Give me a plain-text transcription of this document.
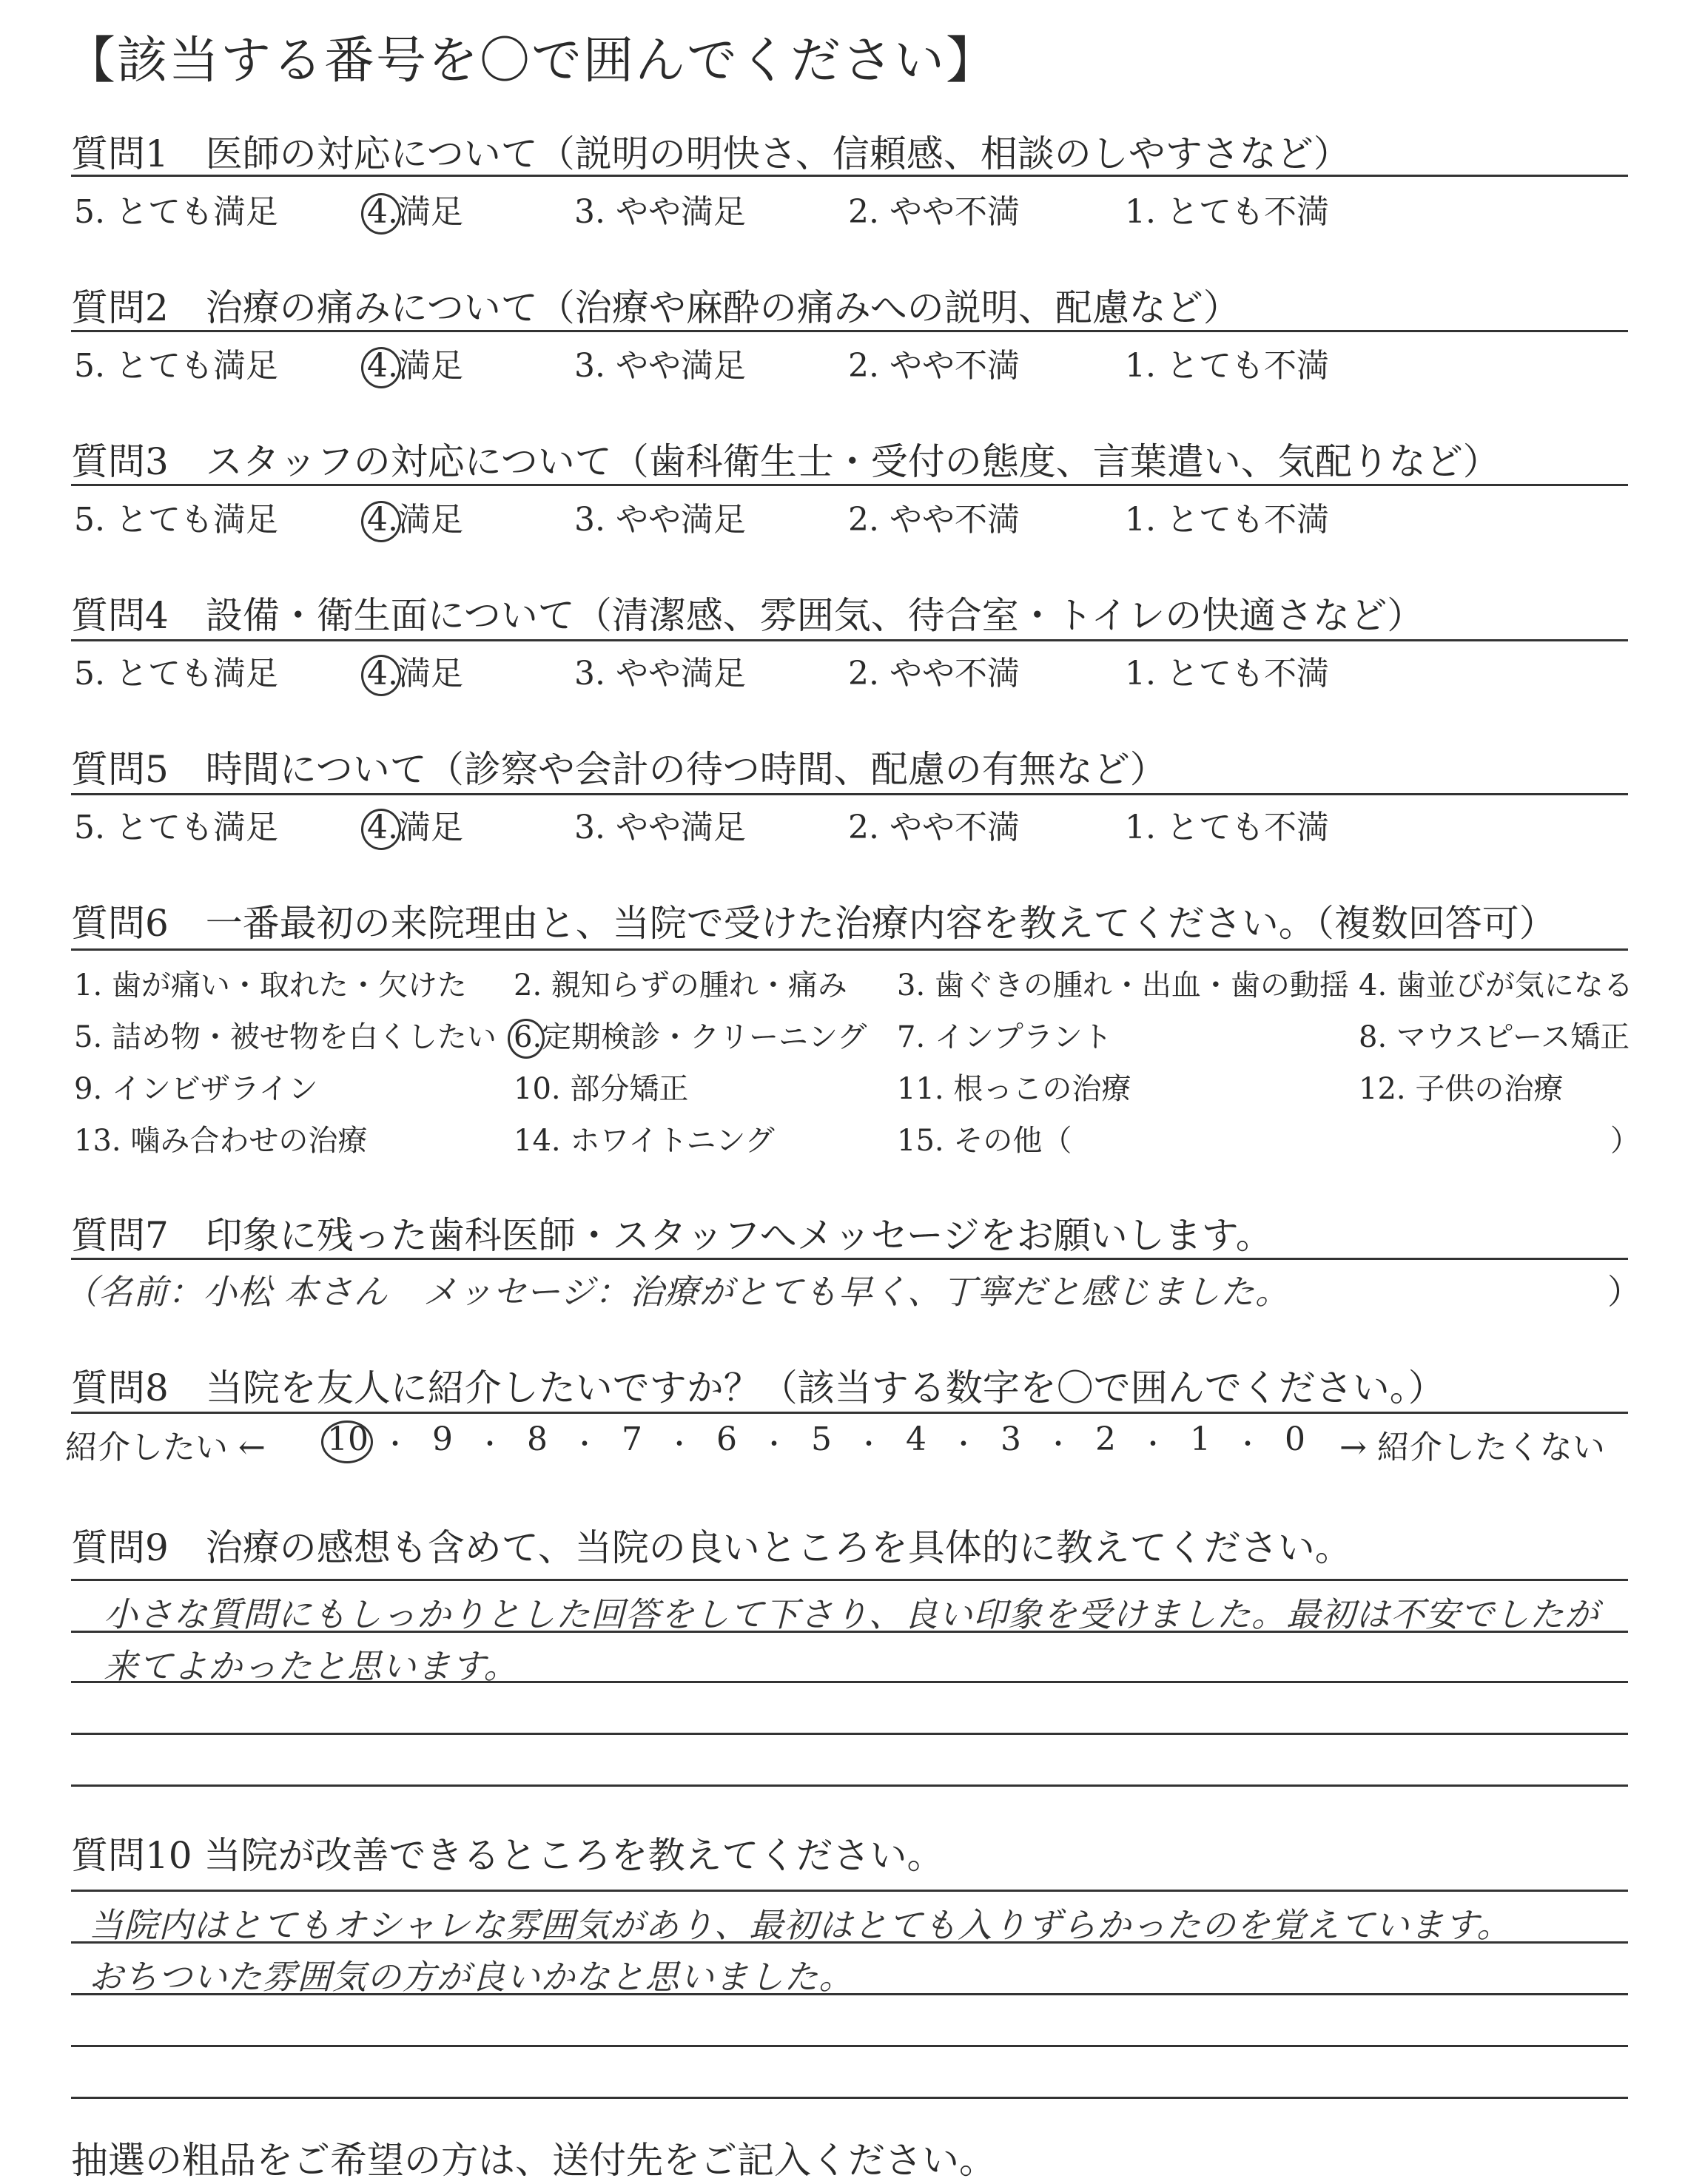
【該当する番号を〇で囲んでください】
質問1　医師の対応について（説明の明快さ、信頼感、相談のしやすさなど）
5. とても満足	4.満足	3. やや満足	2. やや不満	1. とても不満
質問2　治療の痛みについて（治療や麻酔の痛みへの説明、配慮など）
5. とても満足	4.満足	3. やや満足	2. やや不満	1. とても不満
質問3　スタッフの対応について（歯科衛生士・受付の態度、言葉遣い、気配りなど）
5. とても満足	4.満足	3. やや満足	2. やや不満	1. とても不満
質問4　設備・衛生面について（清潔感、雰囲気、待合室・トイレの快適さなど）
5. とても満足	4.満足	3. やや満足	2. やや不満	1. とても不満
質問5　時間について（診察や会計の待つ時間、配慮の有無など）
5. とても満足	4.満足	3. やや満足	2. やや不満	1. とても不満
質問6　一番最初の来院理由と、当院で受けた治療内容を教えてください。（複数回答可）
1. 歯が痛い・取れた・欠けた 2. 親知らずの腫れ・痛み 3. 歯ぐきの腫れ・出血・歯の動揺 4. 歯並びが気になる
5. 詰め物・被せ物を白くしたい 6.定期検診・クリーニング 7. インプラント	8. マウスピース矯正
9. インビザライン	10. 部分矯正	11. 根っこの治療	12. 子供の治療
13. 噛み合わせの治療	14. ホワイトニング	15. その他（	）
質問7　印象に残った歯科医師・スタッフへメッセージをお願いします。
（名前：小松 本さん　メッセージ：治療がとても早く、丁寧だと感じました。	）
質問8　当院を友人に紹介したいですか？（該当する数字を〇で囲んでください。）
紹介したい ← 10 ・ 9 ・ 8 ・ 7 ・ 6 ・ 5 ・ 4 ・ 3 ・ 2 ・ 1 ・ 0	→ 紹介したくない
質問9　治療の感想も含めて、当院の良いところを具体的に教えてください。
小さな質問にもしっかりとした回答をして下さり、良い印象を受けました。最初は不安でしたが
来てよかったと思います。
質問10 当院が改善できるところを教えてください。
当院内はとてもオシャレな雰囲気があり、最初はとても入りずらかったのを覚えています。
おちついた雰囲気の方が良いかなと思いました。
抽選の粗品をご希望の方は、送付先をご記入ください。
